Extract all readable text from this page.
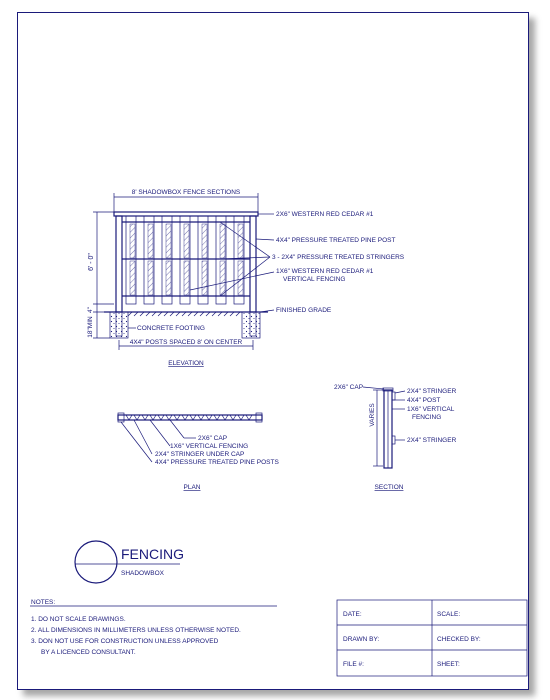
8' SHADOWBOX FENCE SECTIONS
6' - 0"
4"
18"MIN
4X4" POSTS SPACED 8' ON CENTER
ELEVATION
2X6" WESTERN RED CEDAR #1
4X4" PRESSURE TREATED PINE POST
3 - 2X4" PRESSURE TREATED STRINGERS
1X6" WESTERN RED CEDAR #1
VERTICAL FENCING
FINISHED GRADE
CONCRETE FOOTING
2X6" CAP
1X6" VERTICAL FENCING
2X4" STRINGER UNDER CAP
4X4" PRESSURE TREATED PINE POSTS
PLAN
VARIES
2X6" CAP
2X4" STRINGER
4X4" POST
1X6" VERTICAL
FENCING
2X4" STRINGER
SECTION
FENCING
SHADOWBOX
NOTES:
1. DO NOT SCALE DRAWINGS.
2. ALL DIMENSIONS IN MILLIMETERS UNLESS OTHERWISE NOTED.
3. DON NOT USE FOR CONSTRUCTION UNLESS APPROVED
BY A LICENCED CONSULTANT.
DATE:	SCALE:
DRAWN BY:	CHECKED BY:
FILE #:	SHEET:
